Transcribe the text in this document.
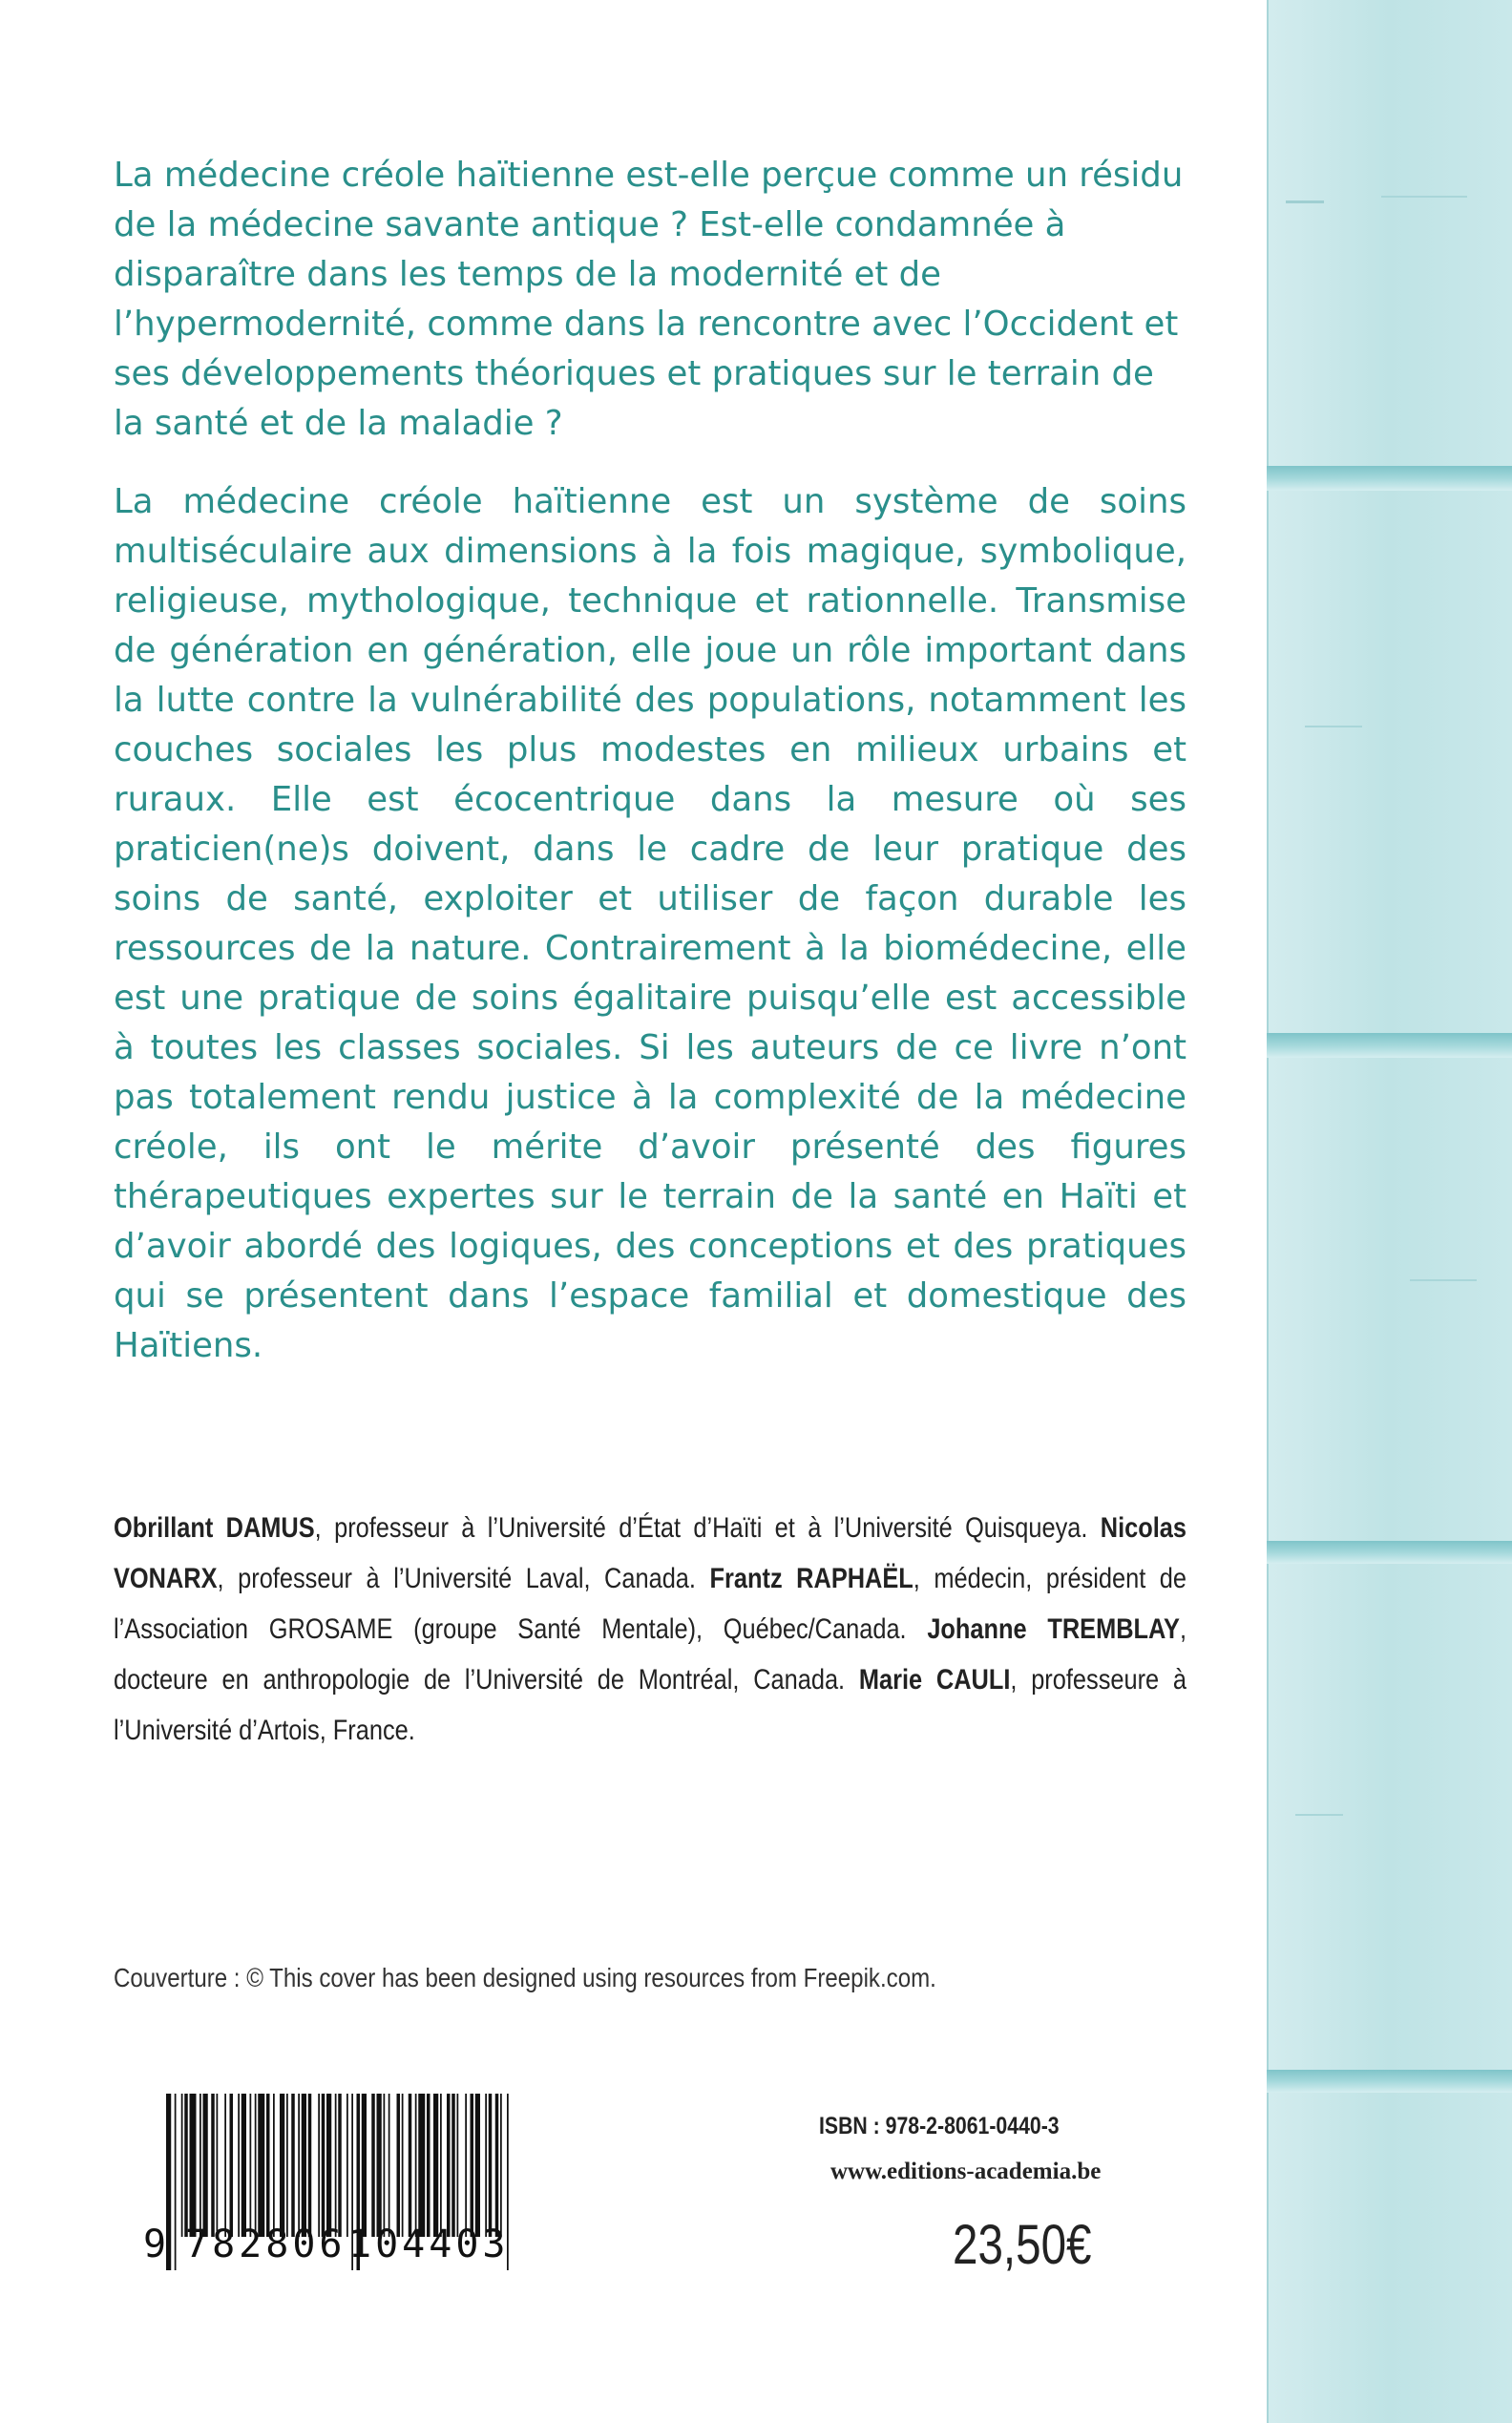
La médecine créole haïtienne est-elle perçue comme un résidu de la médecine savante antique ? Est-elle condamnée à disparaître dans les temps de la modernité et de l’hypermodernité, comme dans la rencontre avec l’Occident et ses développements théoriques et pratiques sur le terrain de la santé et de la maladie ?

La médecine créole haïtienne est un système de soins multiséculaire aux dimensions à la fois magique, symbolique, religieuse, mythologique, technique et rationnelle. Transmise de génération en génération, elle joue un rôle important dans la lutte contre la vulnérabilité des populations, notamment les couches sociales les plus modestes en milieux urbains et ruraux. Elle est écocentrique dans la mesure où ses praticien(ne)s doivent, dans le cadre de leur pratique des soins de santé, exploiter et utiliser de façon durable les ressources de la nature. Contrairement à la biomédecine, elle est une pratique de soins égalitaire puisqu’elle est accessible à toutes les classes sociales. Si les auteurs de ce livre n’ont pas totalement rendu justice à la complexité de la médecine créole, ils ont le mérite d’avoir présenté des figures thérapeutiques expertes sur le terrain de la santé en Haïti et d’avoir abordé des logiques, des conceptions et des pratiques qui se présentent dans l’espace familial et domestique des Haïtiens.

Obrillant DAMUS, professeur à l’Université d’État d’Haïti et à l’Université Quisqueya. Nicolas VONARX, professeur à l’Université Laval, Canada. Frantz RAPHAËL, médecin, président de l’Association GROSAME (groupe Santé Mentale), Québec/Canada. Johanne TREMBLAY, docteure en anthropologie de l’Université de Montréal, Canada. Marie CAULI, professeure à l’Université d’Artois, France.

Couverture : © This cover has been designed using resources from Freepik.com.
9 782806 104403
ISBN : 978-2-8061-0440-3
www.editions-academia.be
23,50€
